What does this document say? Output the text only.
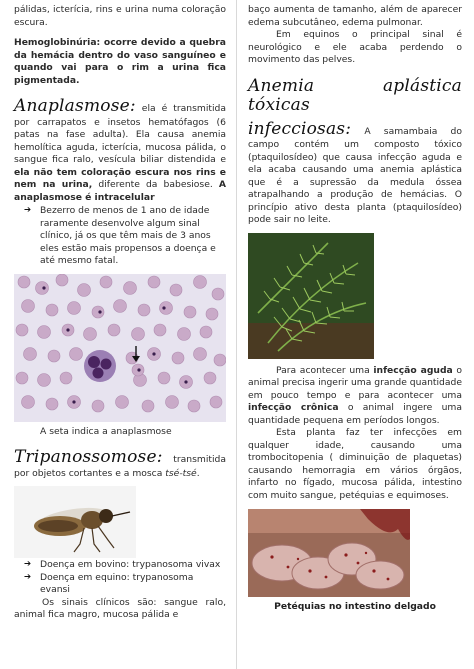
pálidas, icterícia, rins e urina numa coloração escura.

Hemoglobinúria: ocorre devido a quebra da hemácia dentro do vaso sanguíneo e quando vai para o rim a urina fica pigmentada.

Anaplasmose: ela é transmitida por carrapatos e insetos hematófagos (6 patas na fase adulta). Ela causa anemia hemolítica aguda, icterícia, mucosa pálida, o sangue fica ralo, vesícula biliar distendida e ela não tem coloração escura nos rins e nem na urina, diferente da babesiose. A anaplasmose é intracelular

➔ Bezerro de menos de 1 ano de idade raramente desenvolve algum sinal clínico, já os que têm mais de 3 anos eles estão mais propensos a doença e até mesmo fatal.

A seta indica a anaplasmose

Tripanossomose: transmitida por objetos cortantes e a mosca tsé-tsé.

➔ Doença em bovino: trypanosoma vivax
➔ Doença em equino: trypanosoma evansi

Os sinais clínicos são: sangue ralo, animal fica magro, mucosa pálida e

baço aumenta de tamanho, além de aparecer edema subcutâneo, edema pulmonar.

Em equinos o principal sinal é neurológico e ele acaba perdendo o movimento das pelves.

Anemia aplástica tóxicas

infecciosas: A samambaia do campo contém um composto tóxico (ptaquilosídeo) que causa infecção aguda e ela acaba causando uma anemia aplástica que é a supressão da medula óssea atrapalhando a produção de hemácias. O princípio ativo desta planta (ptaquilosídeo) pode sair no leite.

Para acontecer uma infecção aguda o animal precisa ingerir uma grande quantidade em pouco tempo e para acontecer uma infecção crônica o animal ingere uma quantidade pequena em períodos longos.

Esta planta faz ter infecções em qualquer idade, causando uma trombocitopenia ( diminuição de plaquetas) causando hemorragia em vários órgãos, infarto no fígado, mucosa pálida, intestino com muito sangue, petéquias e equimoses.

Petéquias no intestino delgado
